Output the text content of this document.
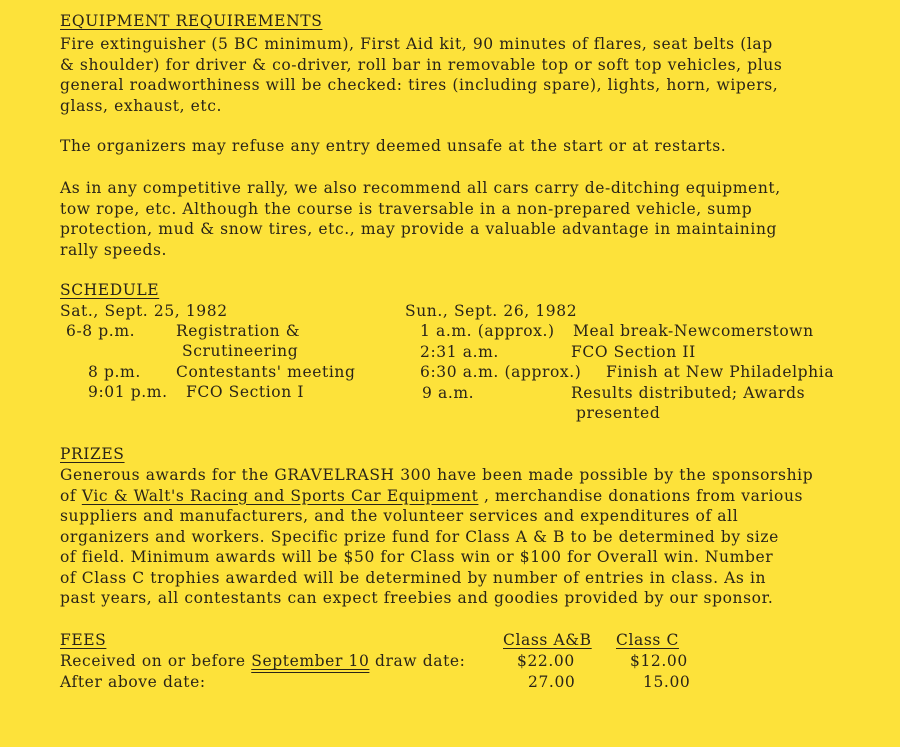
EQUIPMENT REQUIREMENTS
Fire extinguisher (5 BC minimum), First Aid kit, 90 minutes of flares, seat belts (lap
& shoulder) for driver & co-driver, roll bar in removable top or soft top vehicles, plus
general roadworthiness will be checked: tires (including spare), lights, horn, wipers,
glass, exhaust, etc.
The organizers may refuse any entry deemed unsafe at the start or at restarts.
As in any competitive rally, we also recommend all cars carry de-ditching equipment,
tow rope, etc. Although the course is traversable in a non-prepared vehicle, sump
protection, mud & snow tires, etc., may provide a valuable advantage in maintaining
rally speeds.
SCHEDULE
Sat., Sept. 25, 1982
6-8 p.m.	Registration &
Scrutineering
8 p.m. Contestants' meeting
9:01 p.m. FCO Section I
Sun., Sept. 26, 1982
1 a.m. (approx.) Meal break-Newcomerstown
2:31 a.m.	FCO Section II
6:30 a.m. (approx.) Finish at New Philadelphia
9 a.m.	Results distributed; Awards
presented
PRIZES
Generous awards for the GRAVELRASH 300 have been made possible by the sponsorship
of Vic & Walt's Racing and Sports Car Equipment , merchandise donations from various
suppliers and manufacturers, and the volunteer services and expenditures of all
organizers and workers. Specific prize fund for Class A & B to be determined by size
of field. Minimum awards will be $50 for Class win or $100 for Overall win. Number
of Class C trophies awarded will be determined by number of entries in class. As in
past years, all contestants can expect freebies and goodies provided by our sponsor.
FEES	Class A&B Class C
Received on or before September 10 draw date:	$22.00	$12.00
After above date:	27.00	15.00
